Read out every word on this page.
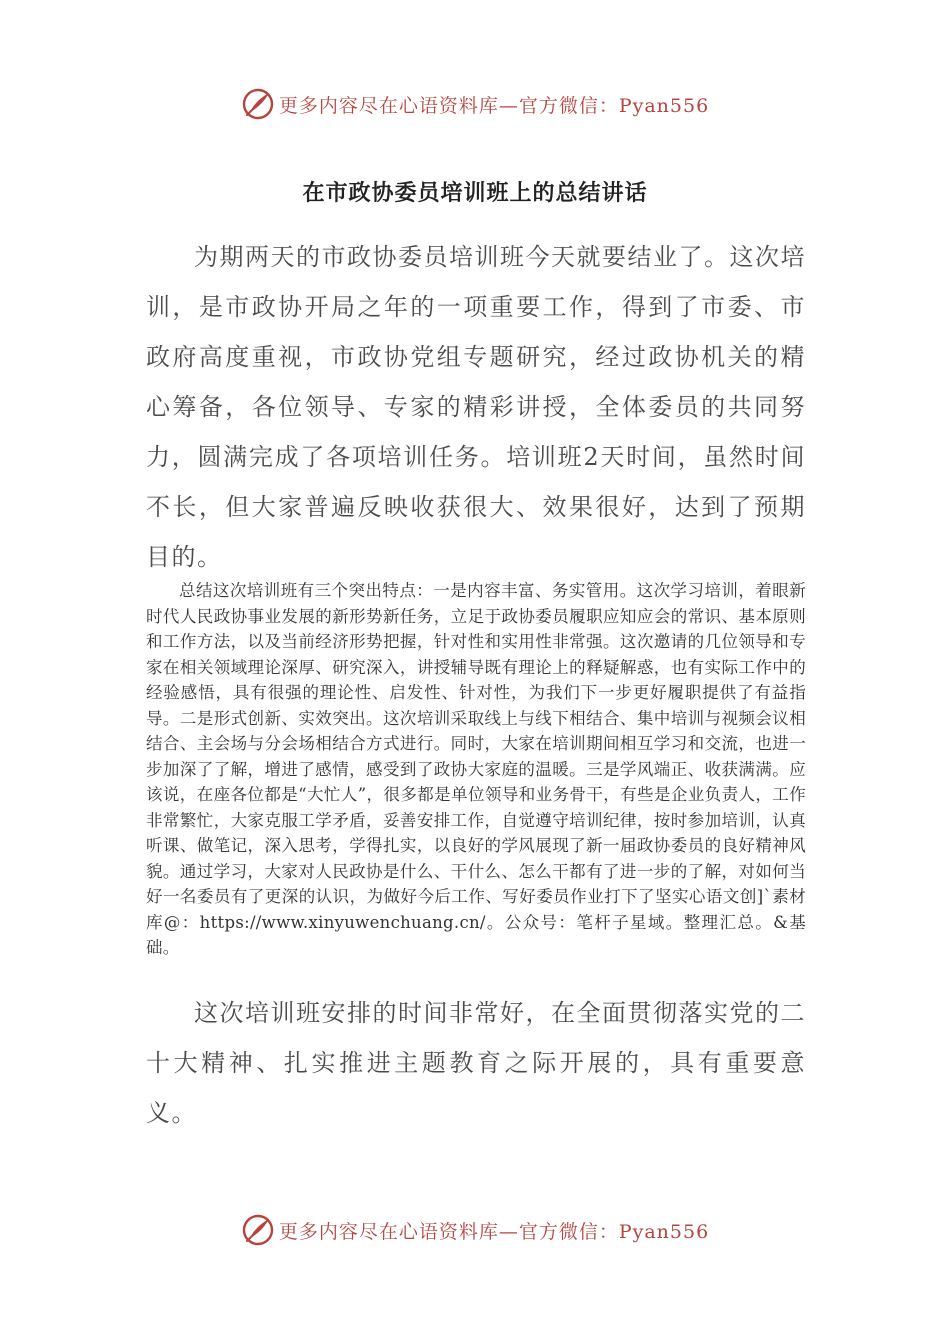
更多内容尽在心语资料库—官方微信：Pyan556
在市政协委员培训班上的总结讲话

为期两天的市政协委员培训班今天就要结业了。这次培训，是市政协开局之年的一项重要工作，得到了市委、市政府高度重视，市政协党组专题研究，经过政协机关的精心筹备，各位领导、专家的精彩讲授，全体委员的共同努力，圆满完成了各项培训任务。培训班2天时间，虽然时间不长，但大家普遍反映收获很大、效果很好，达到了预期目的。

总结这次培训班有三个突出特点：一是内容丰富、务实管用。这次学习培训，着眼新时代人民政协事业发展的新形势新任务，立足于政协委员履职应知应会的常识、基本原则和工作方法，以及当前经济形势把握，针对性和实用性非常强。这次邀请的几位领导和专家在相关领域理论深厚、研究深入，讲授辅导既有理论上的释疑解惑，也有实际工作中的经验感悟，具有很强的理论性、启发性、针对性，为我们下一步更好履职提供了有益指导。二是形式创新、实效突出。这次培训采取线上与线下相结合、集中培训与视频会议相结合、主会场与分会场相结合方式进行。同时，大家在培训期间相互学习和交流，也进一步加深了了解，增进了感情，感受到了政协大家庭的温暖。三是学风端正、收获满满。应该说，在座各位都是“大忙人”，很多都是单位领导和业务骨干，有些是企业负责人，工作非常繁忙，大家克服工学矛盾，妥善安排工作，自觉遵守培训纪律，按时参加培训，认真听课、做笔记，深入思考，学得扎实，以良好的学风展现了新一届政协委员的良好精神风貌。通过学习，大家对人民政协是什么、干什么、怎么干都有了进一步的了解，对如何当好一名委员有了更深的认识，为做好今后工作、写好委员作业打下了坚实心语文创]`素材库@：https://www.xinyuwenchuang.cn/。公众号：笔杆子星域。整理汇总。&基础。

这次培训班安排的时间非常好，在全面贯彻落实党的二十大精神、扎实推进主题教育之际开展的，具有重要意义。

更多内容尽在心语资料库—官方微信：Pyan556
